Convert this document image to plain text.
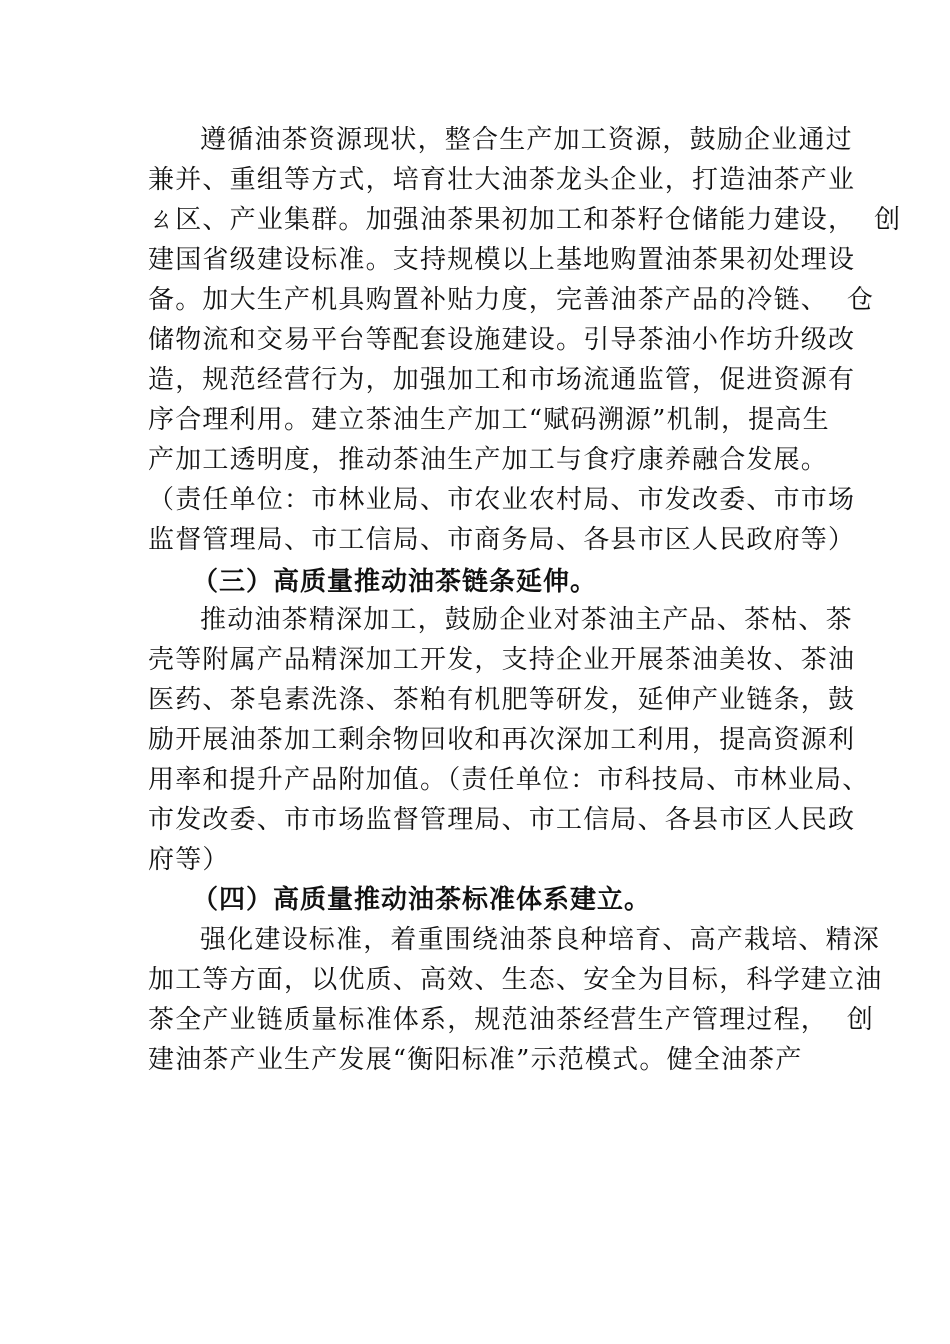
遵循油茶资源现状，整合生产加工资源，鼓励企业通过
兼并、重组等方式，培育壮大油茶龙头企业，打造油茶产业
ㄠ区、产业集群。加强油茶果初加工和茶籽仓储能力建设，  创
建国省级建设标准。支持规模以上基地购置油茶果初处理设
备。加大生产机具购置补贴力度，完善油茶产品的冷链、  仓
储物流和交易平台等配套设施建设。引导茶油小作坊升级改
造，规范经营行为，加强加工和市场流通监管，促进资源有
序合理利用。建立茶油生产加工“赋码溯源”机制，提高生
产加工透明度，推动茶油生产加工与食疗康养融合发展。
（责任单位：市林业局、市农业农村局、市发改委、市市场
监督管理局、市工信局、市商务局、各县市区人民政府等）
（三）高质量推动油茶链条延伸。
推动油茶精深加工，鼓励企业对茶油主产品、茶枯、茶
壳等附属产品精深加工开发，支持企业开展茶油美妆、茶油
医药、茶皂素洗涤、茶粕有机肥等研发，延伸产业链条，鼓
励开展油茶加工剩余物回收和再次深加工利用，提高资源利
用率和提升产品附加值。（责任单位：市科技局、市林业局、
市发改委、市市场监督管理局、市工信局、各县市区人民政
府等）
（四）高质量推动油茶标准体系建立。
强化建设标准，着重围绕油茶良种培育、高产栽培、精深
加工等方面，以优质、高效、生态、安全为目标，科学建立油
茶全产业链质量标准体系，规范油茶经营生产管理过程，  创
建油茶产业生产发展“衡阳标准”示范模式。健全油茶产
